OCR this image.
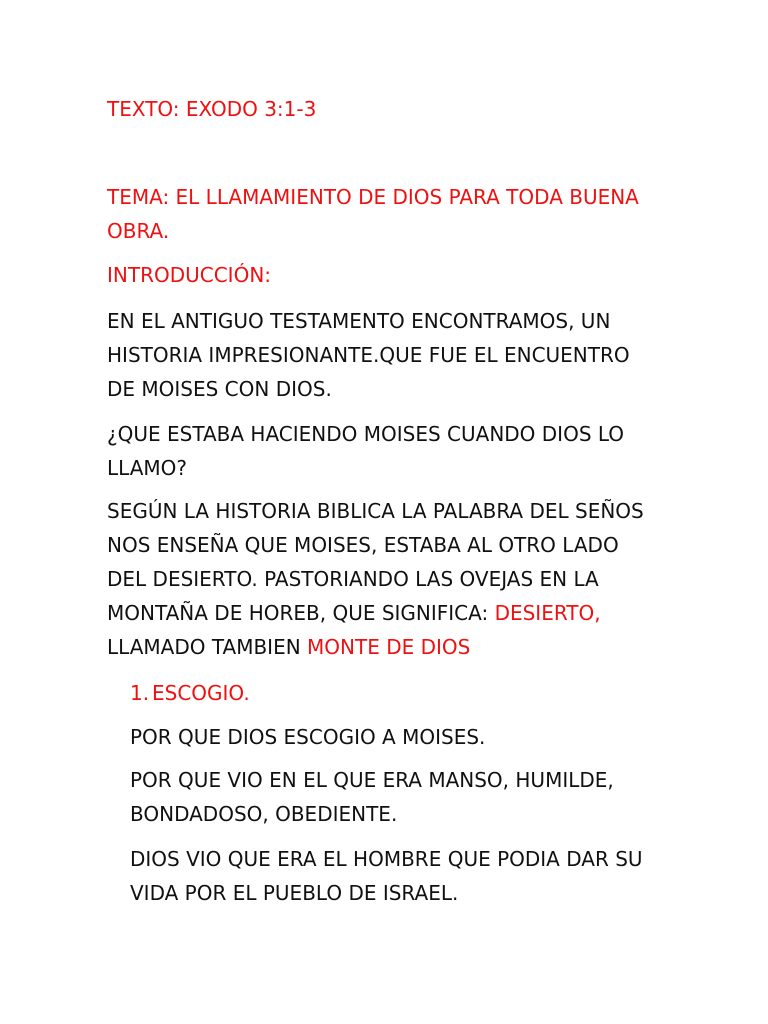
TEXTO: EXODO 3:1-3

TEMA: EL LLAMAMIENTO DE DIOS PARA TODA BUENA
OBRA.

INTRODUCCIÓN:

EN EL ANTIGUO TESTAMENTO ENCONTRAMOS, UN
HISTORIA IMPRESIONANTE.QUE FUE EL ENCUENTRO
DE MOISES CON DIOS.

¿QUE ESTABA HACIENDO MOISES CUANDO DIOS LO
LLAMO?

SEGÚN LA HISTORIA BIBLICA LA PALABRA DEL SEÑOS
NOS ENSEÑA QUE MOISES, ESTABA AL OTRO LADO
DEL DESIERTO. PASTORIANDO LAS OVEJAS EN LA
MONTAÑA DE HOREB, QUE SIGNIFICA: DESIERTO,
LLAMADO TAMBIEN MONTE DE DIOS

1. ESCOGIO.

POR QUE DIOS ESCOGIO A MOISES.

POR QUE VIO EN EL QUE ERA MANSO, HUMILDE,
BONDADOSO, OBEDIENTE.

DIOS VIO QUE ERA EL HOMBRE QUE PODIA DAR SU
VIDA POR EL PUEBLO DE ISRAEL.
